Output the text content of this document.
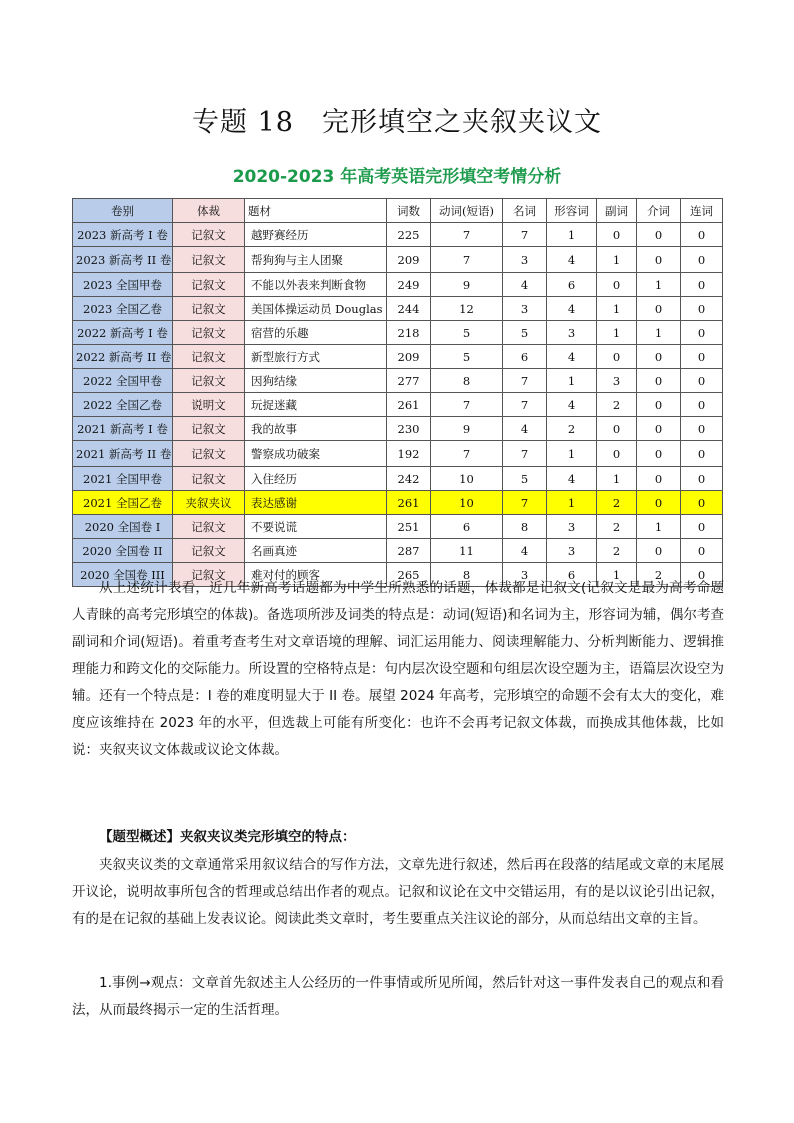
专题 18　完形填空之夹叙夹议文
2020-2023 年高考英语完形填空考情分析
卷别	体裁	题材	词数	动词(短语)	名词	形容词	副词	介词	连词
2023 新高考 I 卷	记叙文	越野赛经历	225	7	7	1	0	0	0
2023 新高考 II 卷	记叙文	帮狗狗与主人团聚	209	7	3	4	1	0	0
2023 全国甲卷	记叙文	不能以外表来判断食物	249	9	4	6	0	1	0
2023 全国乙卷	记叙文	美国体操运动员 Douglas	244	12	3	4	1	0	0
2022 新高考 I 卷	记叙文	宿营的乐趣	218	5	5	3	1	1	0
2022 新高考 II 卷	记叙文	新型旅行方式	209	5	6	4	0	0	0
2022 全国甲卷	记叙文	因狗结缘	277	8	7	1	3	0	0
2022 全国乙卷	说明文	玩捉迷藏	261	7	7	4	2	0	0
2021 新高考 I 卷	记叙文	我的故事	230	9	4	2	0	0	0
2021 新高考 II 卷	记叙文	警察成功破案	192	7	7	1	0	0	0
2021 全国甲卷	记叙文	入住经历	242	10	5	4	1	0	0
2021 全国乙卷	夹叙夹议	表达感谢	261	10	7	1	2	0	0
2020 全国卷 I	记叙文	不要说谎	251	6	8	3	2	1	0
2020 全国卷 II	记叙文	名画真迹	287	11	4	3	2	0	0
2020 全国卷 III	记叙文	难对付的顾客	265	8	3	6	1	2	0

从上述统计表看，近几年新高考话题都为中学生所熟悉的话题，体裁都是记叙文(记叙文是最为高考命题人青睐的高考完形填空的体裁)。备选项所涉及词类的特点是：动词(短语)和名词为主，形容词为辅，偶尔考查副词和介词(短语)。着重考查考生对文章语境的理解、词汇运用能力、阅读理解能力、分析判断能力、逻辑推理能力和跨文化的交际能力。所设置的空格特点是：句内层次设空题和句组层次设空题为主，语篇层次设空为辅。还有一个特点是：I 卷的难度明显大于 II 卷。展望 2024 年高考，完形填空的命题不会有太大的变化，难度应该维持在 2023 年的水平，但选裁上可能有所变化：也许不会再考记叙文体裁，而换成其他体裁，比如说：夹叙夹议文体裁或议论文体裁。

【题型概述】夹叙夹议类完形填空的特点：

夹叙夹议类的文章通常采用叙议结合的写作方法，文章先进行叙述，然后再在段落的结尾或文章的末尾展开议论，说明故事所包含的哲理或总结出作者的观点。记叙和议论在文中交错运用，有的是以议论引出记叙，有的是在记叙的基础上发表议论。阅读此类文章时，考生要重点关注议论的部分，从而总结出文章的主旨。

1.事例→观点：文章首先叙述主人公经历的一件事情或所见所闻，然后针对这一事件发表自己的观点和看法，从而最终揭示一定的生活哲理。
